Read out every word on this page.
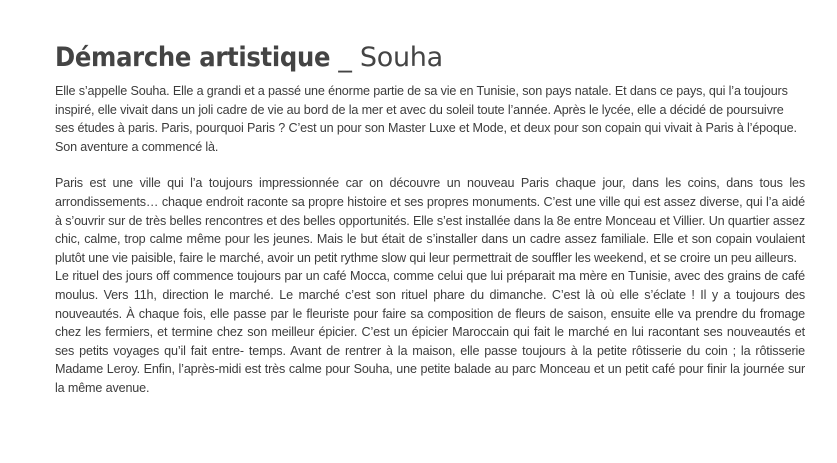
Démarche artistique _ Souha

Elle s’appelle Souha. Elle a grandi et a passé une énorme partie de sa vie en Tunisie, son pays natale. Et dans ce pays, qui l’a toujours inspiré, elle vivait dans un joli cadre de vie au bord de la mer et avec du soleil toute l’année. Après le lycée, elle a décidé de poursuivre ses études à paris. Paris, pourquoi Paris ? C’est un pour son Master Luxe et Mode, et deux pour son copain qui vivait à Paris à l’époque. Son aventure a commencé là.

Paris est une ville qui l’a toujours impressionnée car on découvre un nouveau Paris chaque jour, dans les coins, dans tous les arrondissements… chaque endroit raconte sa propre histoire et ses propres monuments. C’est une ville qui est assez diverse, qui l’a aidé à s’ouvrir sur de très belles rencontres et des belles opportunités. Elle s’est installée dans la 8e entre Monceau et Villier. Un quartier assez chic, calme, trop calme même pour les jeunes. Mais le but était de s’installer dans un cadre assez familiale. Elle et son copain voulaient plutôt une vie paisible, faire le marché, avoir un petit rythme slow qui leur permettrait de souffler les weekend, et se croire un peu ailleurs.

Le rituel des jours off commence toujours par un café Mocca, comme celui que lui préparait ma mère en Tunisie, avec des grains de café moulus. Vers 11h, direction le marché. Le marché c’est son rituel phare du dimanche. C’est là où elle s’éclate ! Il y a toujours des nouveautés. À chaque fois, elle passe par le fleuriste pour faire sa composition de fleurs de saison, ensuite elle va prendre du fromage chez les fermiers, et termine chez son meilleur épicier. C’est un épicier Maroccain qui fait le marché en lui racontant ses nouveautés et ses petits voyages qu’il fait entre- temps. Avant de rentrer à la maison, elle passe toujours à la petite rôtisserie du coin ; la rôtisserie Madame Leroy. Enfin, l’après-midi est très calme pour Souha, une petite balade au parc Monceau et un petit café pour finir la journée sur la même avenue.
